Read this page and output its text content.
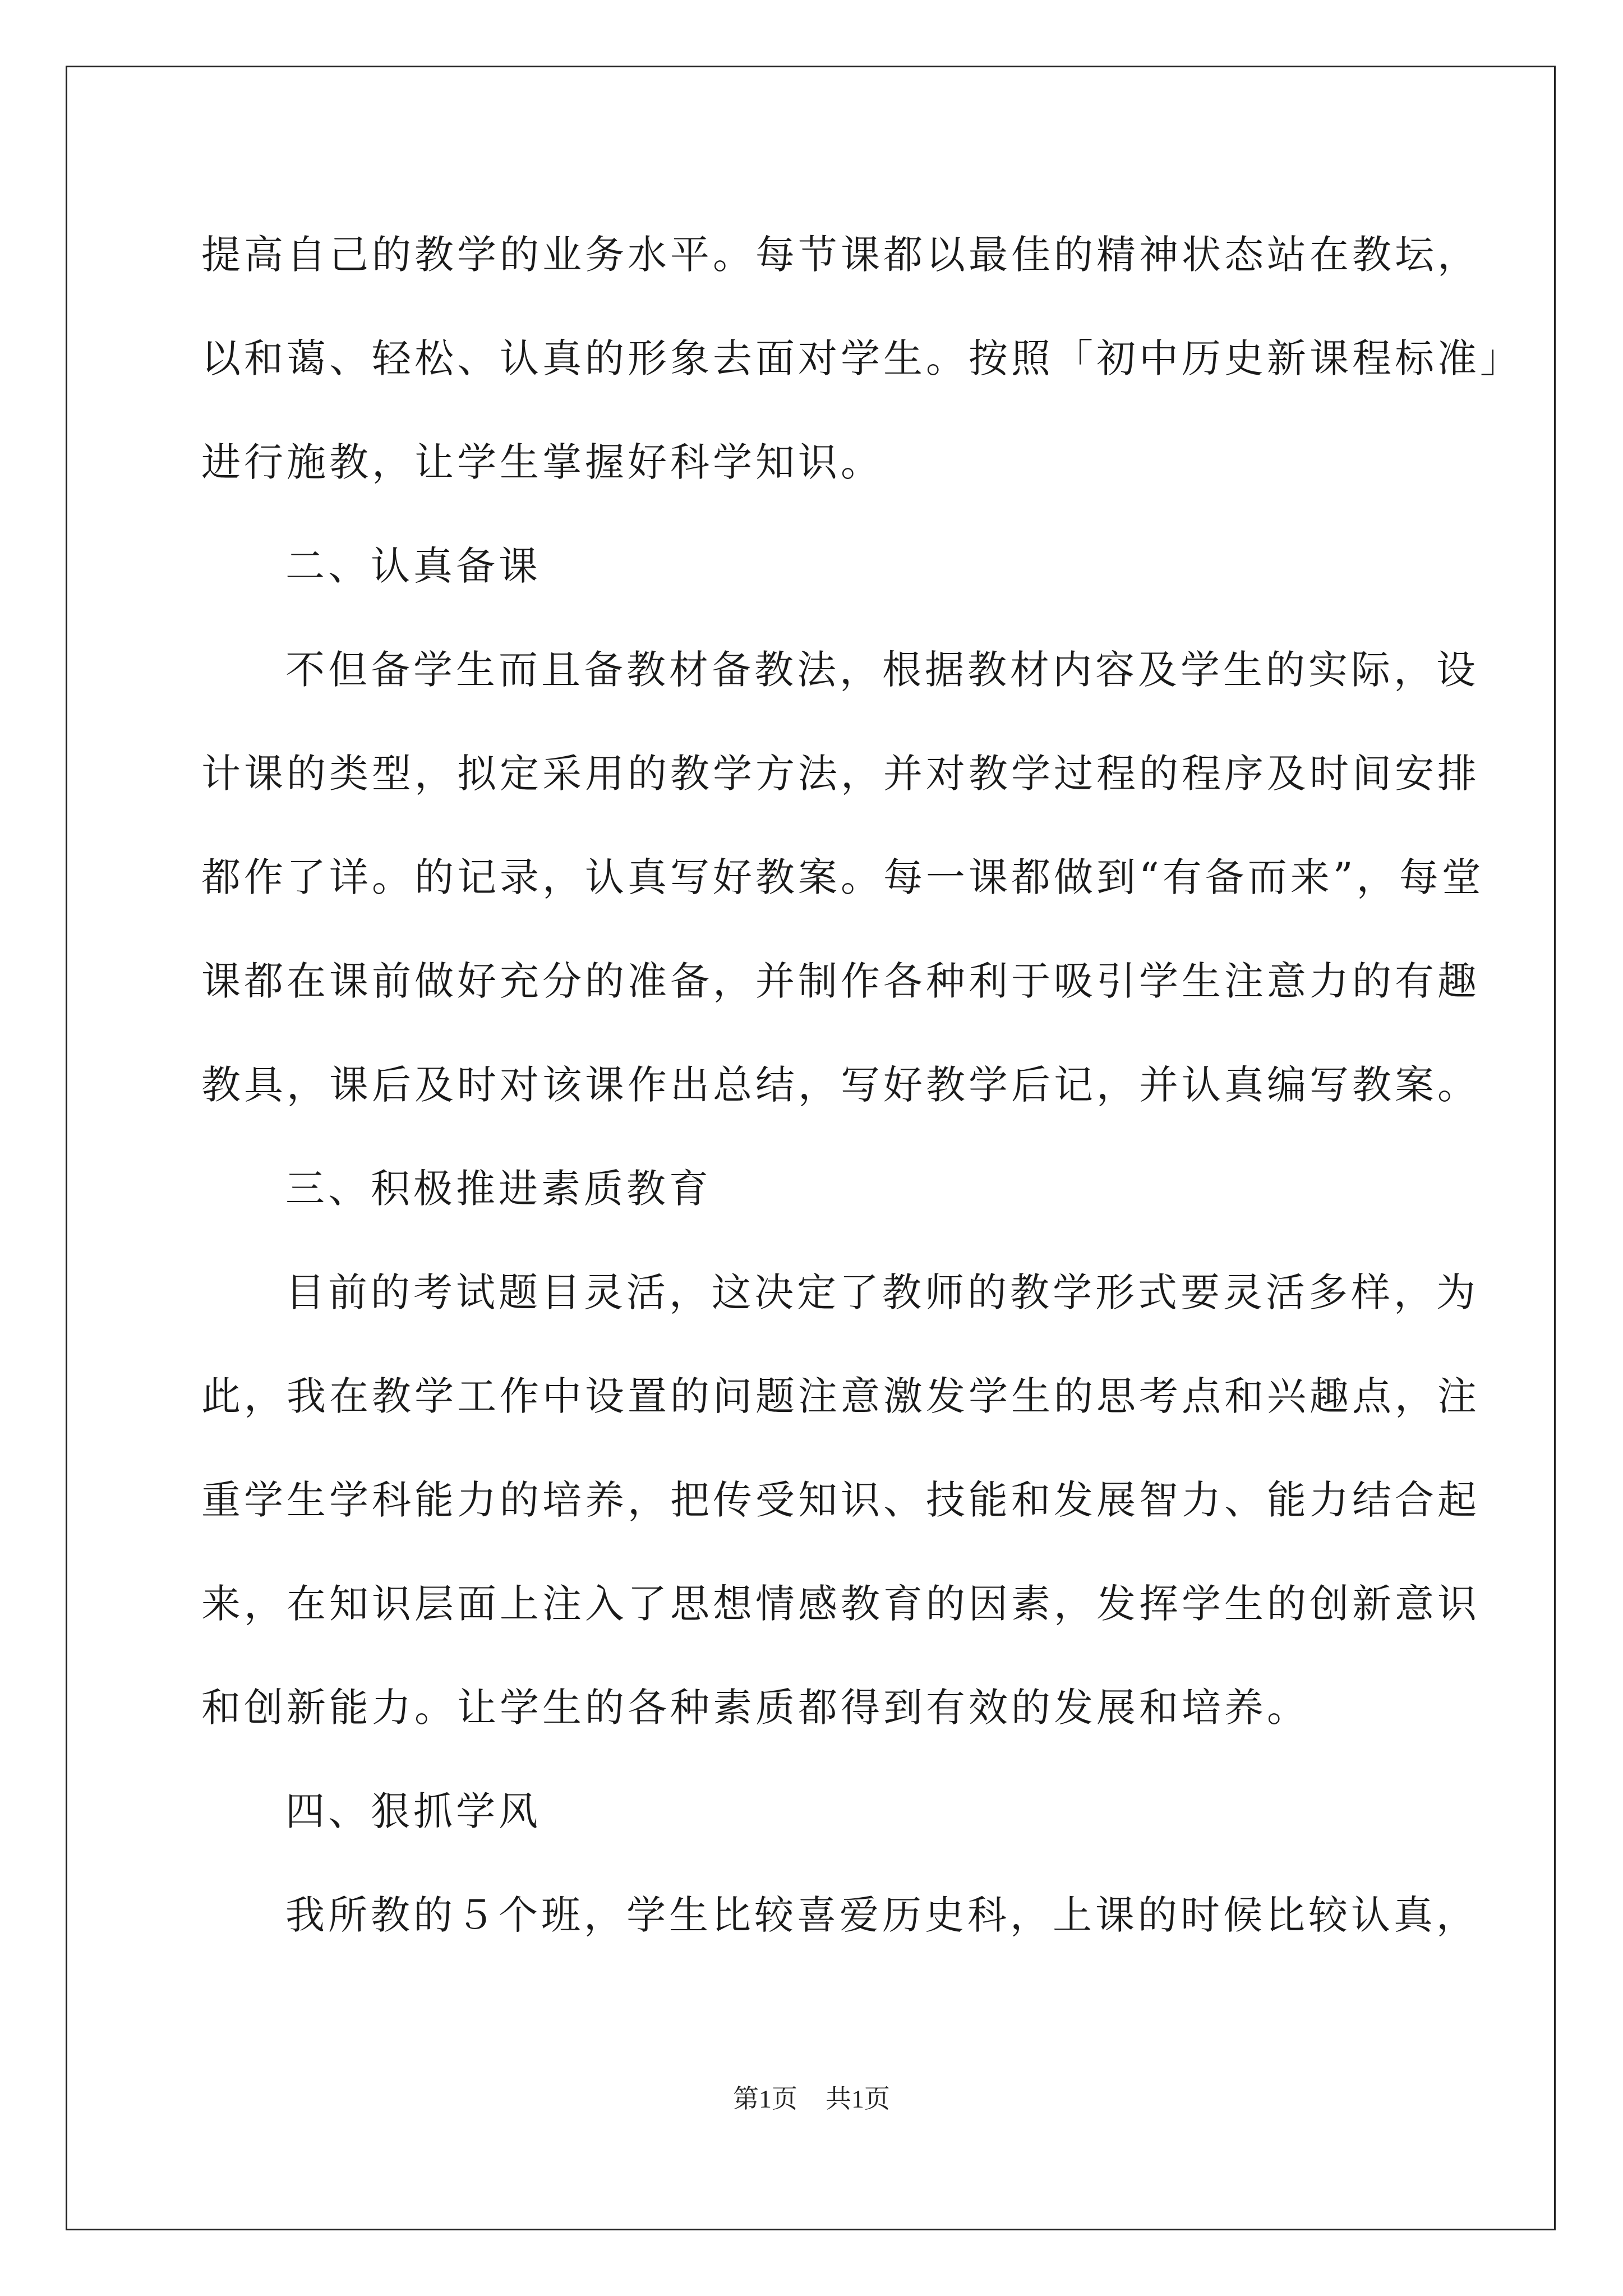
提高自己的教学的业务水平。每节课都以最佳的精神状态站在教坛，
以和蔼、轻松、认真的形象去面对学生。按照「初中历史新课程标准」
进行施教，让学生掌握好科学知识。
二、认真备课
不但备学生而且备教材备教法，根据教材内容及学生的实际，设
计课的类型，拟定采用的教学方法，并对教学过程的程序及时间安排
都作了详。的记录，认真写好教案。每一课都做到“有备而来”，每堂
课都在课前做好充分的准备，并制作各种利于吸引学生注意力的有趣
教具，课后及时对该课作出总结，写好教学后记，并认真编写教案。
三、积极推进素质教育
目前的考试题目灵活，这决定了教师的教学形式要灵活多样，为
此，我在教学工作中设置的问题注意激发学生的思考点和兴趣点，注
重学生学科能力的培养，把传受知识、技能和发展智力、能力结合起
来，在知识层面上注入了思想情感教育的因素，发挥学生的创新意识
和创新能力。让学生的各种素质都得到有效的发展和培养。
四、狠抓学风
我所教的５个班，学生比较喜爱历史科，上课的时候比较认真，
第1页 共1页
